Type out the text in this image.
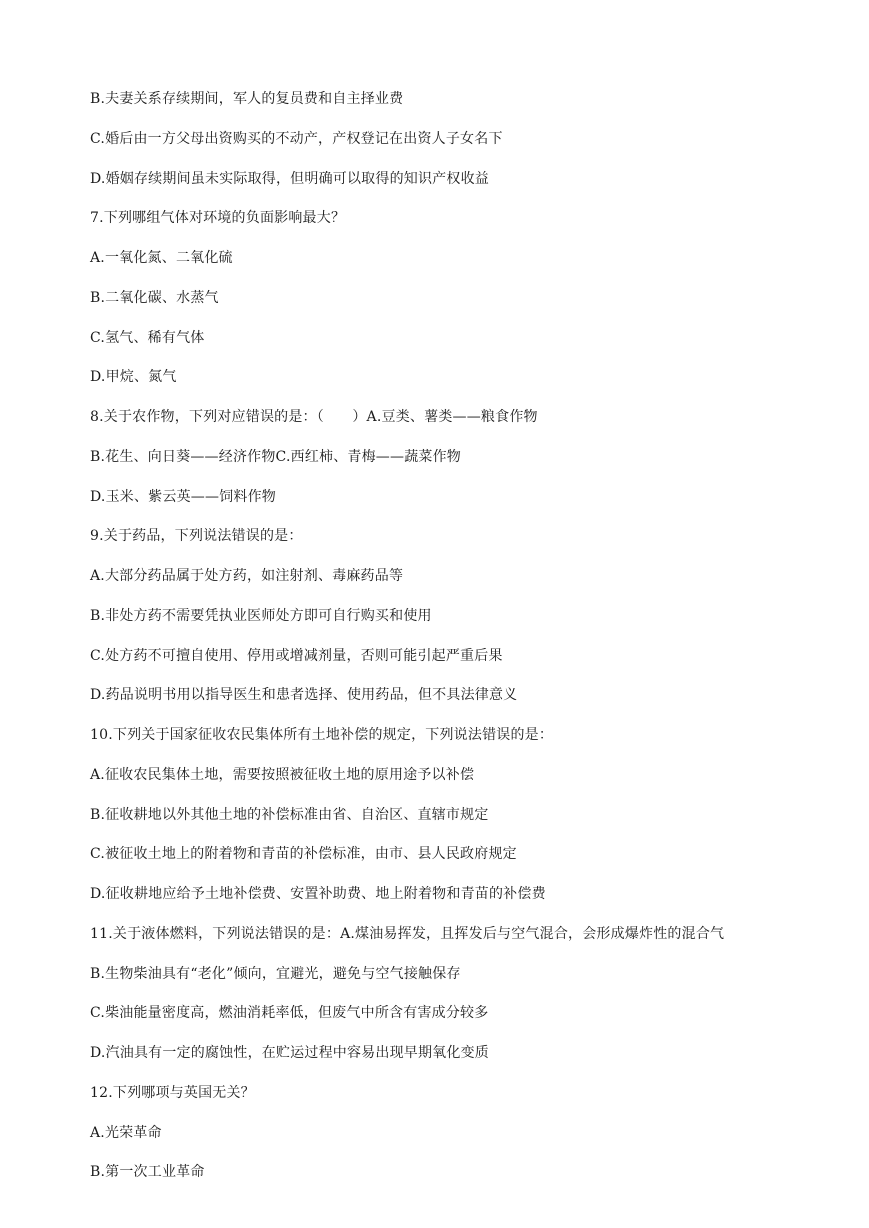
B.夫妻关系存续期间，军人的复员费和自主择业费
C.婚后由一方父母出资购买的不动产，产权登记在出资人子女名下
D.婚姻存续期间虽未实际取得，但明确可以取得的知识产权收益
7.下列哪组气体对环境的负面影响最大？
A.一氧化氮、二氧化硫
B.二氧化碳、水蒸气
C.氢气、稀有气体
D.甲烷、氮气
8.关于农作物，下列对应错误的是：（　　）A.豆类、薯类——粮食作物
B.花生、向日葵——经济作物C.西红柿、青梅——蔬菜作物
D.玉米、紫云英——饲料作物
9.关于药品，下列说法错误的是：
A.大部分药品属于处方药，如注射剂、毒麻药品等
B.非处方药不需要凭执业医师处方即可自行购买和使用
C.处方药不可擅自使用、停用或增减剂量，否则可能引起严重后果
D.药品说明书用以指导医生和患者选择、使用药品，但不具法律意义
10.下列关于国家征收农民集体所有土地补偿的规定，下列说法错误的是：
A.征收农民集体土地，需要按照被征收土地的原用途予以补偿
B.征收耕地以外其他土地的补偿标准由省、自治区、直辖市规定
C.被征收土地上的附着物和青苗的补偿标准，由市、县人民政府规定
D.征收耕地应给予土地补偿费、安置补助费、地上附着物和青苗的补偿费
11.关于液体燃料，下列说法错误的是：A.煤油易挥发，且挥发后与空气混合，会形成爆炸性的混合气
B.生物柴油具有“老化”倾向，宜避光，避免与空气接触保存
C.柴油能量密度高，燃油消耗率低，但废气中所含有害成分较多
D.汽油具有一定的腐蚀性，在贮运过程中容易出现早期氧化变质
12.下列哪项与英国无关？
A.光荣革命
B.第一次工业革命
